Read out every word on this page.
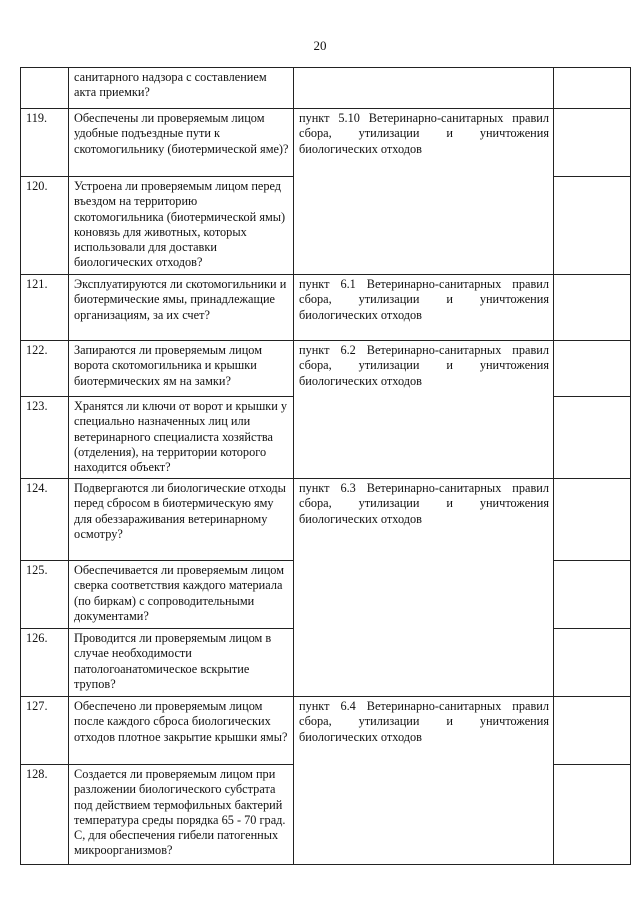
20
	санитарного надзора с составлением акта приемки?		
119.	Обеспечены ли проверяемым лицом удобные подъездные пути к скотомогильнику (биотермической яме)?	пункт 5.10 Ветеринарно-санитарных правил сбора, утилизации и уничтожения биологических отходов	
120.	Устроена ли проверяемым лицом перед въездом на территорию скотомогильника (биотермической ямы) коновязь для животных, которых использовали для доставки биологических отходов?		
121.	Эксплуатируются ли скотомогильники и биотермические ямы, принадлежащие организациям, за их счет?	пункт 6.1 Ветеринарно-санитарных правил сбора, утилизации и уничтожения биологических отходов	
122.	Запираются ли проверяемым лицом ворота скотомогильника и крышки биотермических ям на замки?	пункт 6.2 Ветеринарно-санитарных правил сбора, утилизации и уничтожения биологических отходов	
123.	Хранятся ли ключи от ворот и крышки у специально назначенных лиц или ветеринарного специалиста хозяйства (отделения), на территории которого находится объект?		
124.	Подвергаются ли биологические отходы перед сбросом в биотермическую яму для обеззараживания ветеринарному осмотру?	пункт 6.3 Ветеринарно-санитарных правил сбора, утилизации и уничтожения биологических отходов	
125.	Обеспечивается ли проверяемым лицом сверка соответствия каждого материала (по биркам) с сопроводительными документами?		
126.	Проводится ли проверяемым лицом в случае необходимости патологоанатомическое вскрытие трупов?		
127.	Обеспечено ли проверяемым лицом после каждого сброса биологических отходов плотное закрытие крышки ямы?	пункт 6.4 Ветеринарно-санитарных правил сбора, утилизации и уничтожения биологических отходов	
128.	Создается ли проверяемым лицом при разложении биологического субстрата под действием термофильных бактерий температура среды порядка 65 - 70 град. С, для обеспечения гибели патогенных микроорганизмов?		
